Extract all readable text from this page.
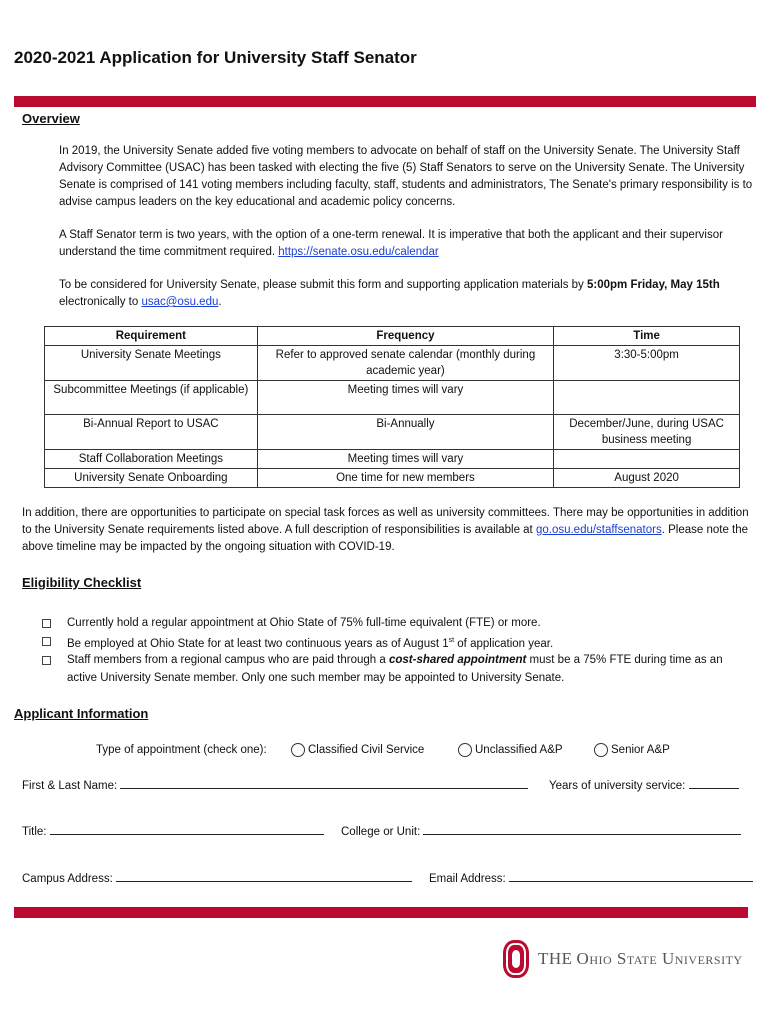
2020-2021 Application for University Staff Senator
Overview

In 2019, the University Senate added five voting members to advocate on behalf of staff on the University Senate. The University Staff Advisory Committee (USAC) has been tasked with electing the five (5) Staff Senators to serve on the University Senate. The University Senate is comprised of 141 voting members including faculty, staff, students and administrators, The Senate's primary responsibility is to advise campus leaders on the key educational and academic policy concerns.

A Staff Senator term is two years, with the option of a one-term renewal. It is imperative that both the applicant and their supervisor understand the time commitment required. https://senate.osu.edu/calendar

To be considered for University Senate, please submit this form and supporting application materials by 5:00pm Friday, May 15th electronically to usac@osu.edu.

Requirement	Frequency	Time
University Senate Meetings	Refer to approved senate calendar (monthly during academic year)	3:30-5:00pm
Subcommittee Meetings (if applicable)	Meeting times will vary	
Bi-Annual Report to USAC	Bi-Annually	December/June, during USAC business meeting
Staff Collaboration Meetings	Meeting times will vary	
University Senate Onboarding	One time for new members	August 2020

In addition, there are opportunities to participate on special task forces as well as university committees. There may be opportunities in addition to the University Senate requirements listed above. A full description of responsibilities is available at go.osu.edu/staffsenators. Please note the above timeline may be impacted by the ongoing situation with COVID-19.

Eligibility Checklist
Currently hold a regular appointment at Ohio State of 75% full-time equivalent (FTE) or more.
Be employed at Ohio State for at least two continuous years as of August 1st of application year.
Staff members from a regional campus who are paid through a cost-shared appointment must be a 75% FTE during time as an active University Senate member. Only one such member may be appointed to University Senate.
Applicant Information
Type of appointment (check one):	Classified Civil Service	Unclassified A&P	Senior A&P
First & Last Name:	Years of university service:
Title:	College or Unit:
Campus Address:	Email Address:
THE Ohio State University
